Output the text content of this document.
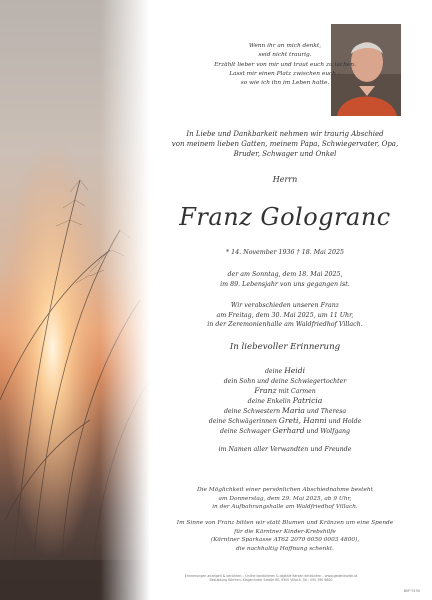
Wenn ihr an mich denkt,
seid nicht traurig.
Erzählt lieber von mir und traut euch zu lachen.
Lasst mir einen Platz zwischen euch –
so wie ich ihn im Leben hatte.
In Liebe und Dankbarkeit nehmen wir traurig Abschied
von meinem lieben Gatten, meinem Papa, Schwiegervater, Opa,
Bruder, Schwager und Onkel
Herrn
Franz Gologranc
* 14. November 1936 † 18. Mai 2025
der am Sonntag, dem 18. Mai 2025,
im 89. Lebensjahr von uns gegangen ist.
Wir verabschieden unseren Franz
am Freitag, dem 30. Mai 2025, um 11 Uhr,
in der Zeremonienhalle am Waldfriedhof Villach.
In liebevoller Erinnerung
deine Heidi
dein Sohn und deine Schwiegertochter
Franz mit Carmen
deine Enkelin Patricia
deine Schwestern Maria und Theresa
deine Schwägerinnen Greti, Hanni und Holde
deine Schwager Gerhard und Wolfgang
im Namen aller Verwandten und Freunde
Die Möglichkeit einer persönlichen Abschiednahme besteht
am Donnerstag, dem 29. Mai 2025, ab 9 Uhr,
in der Aufbahrungshalle am Waldfriedhof Villach.
Im Sinne von Franz bitten wir statt Blumen und Kränzen um eine Spende
für die Kärntner Kinder-Krebshilfe
(Kärntner Sparkasse AT62 2070 6050 0003 4800),
die nachhaltig Hoffnung schenkt.
Erinnerungen anzeigen & berichten – Online kondolieren & digitale Kerzen entzünden – www.gedenkseite.at
Bestattung Kärnten, Klagenfurter Straße 60, 9500 Villach, Tel.: 050 390 6800
BVP 9190
